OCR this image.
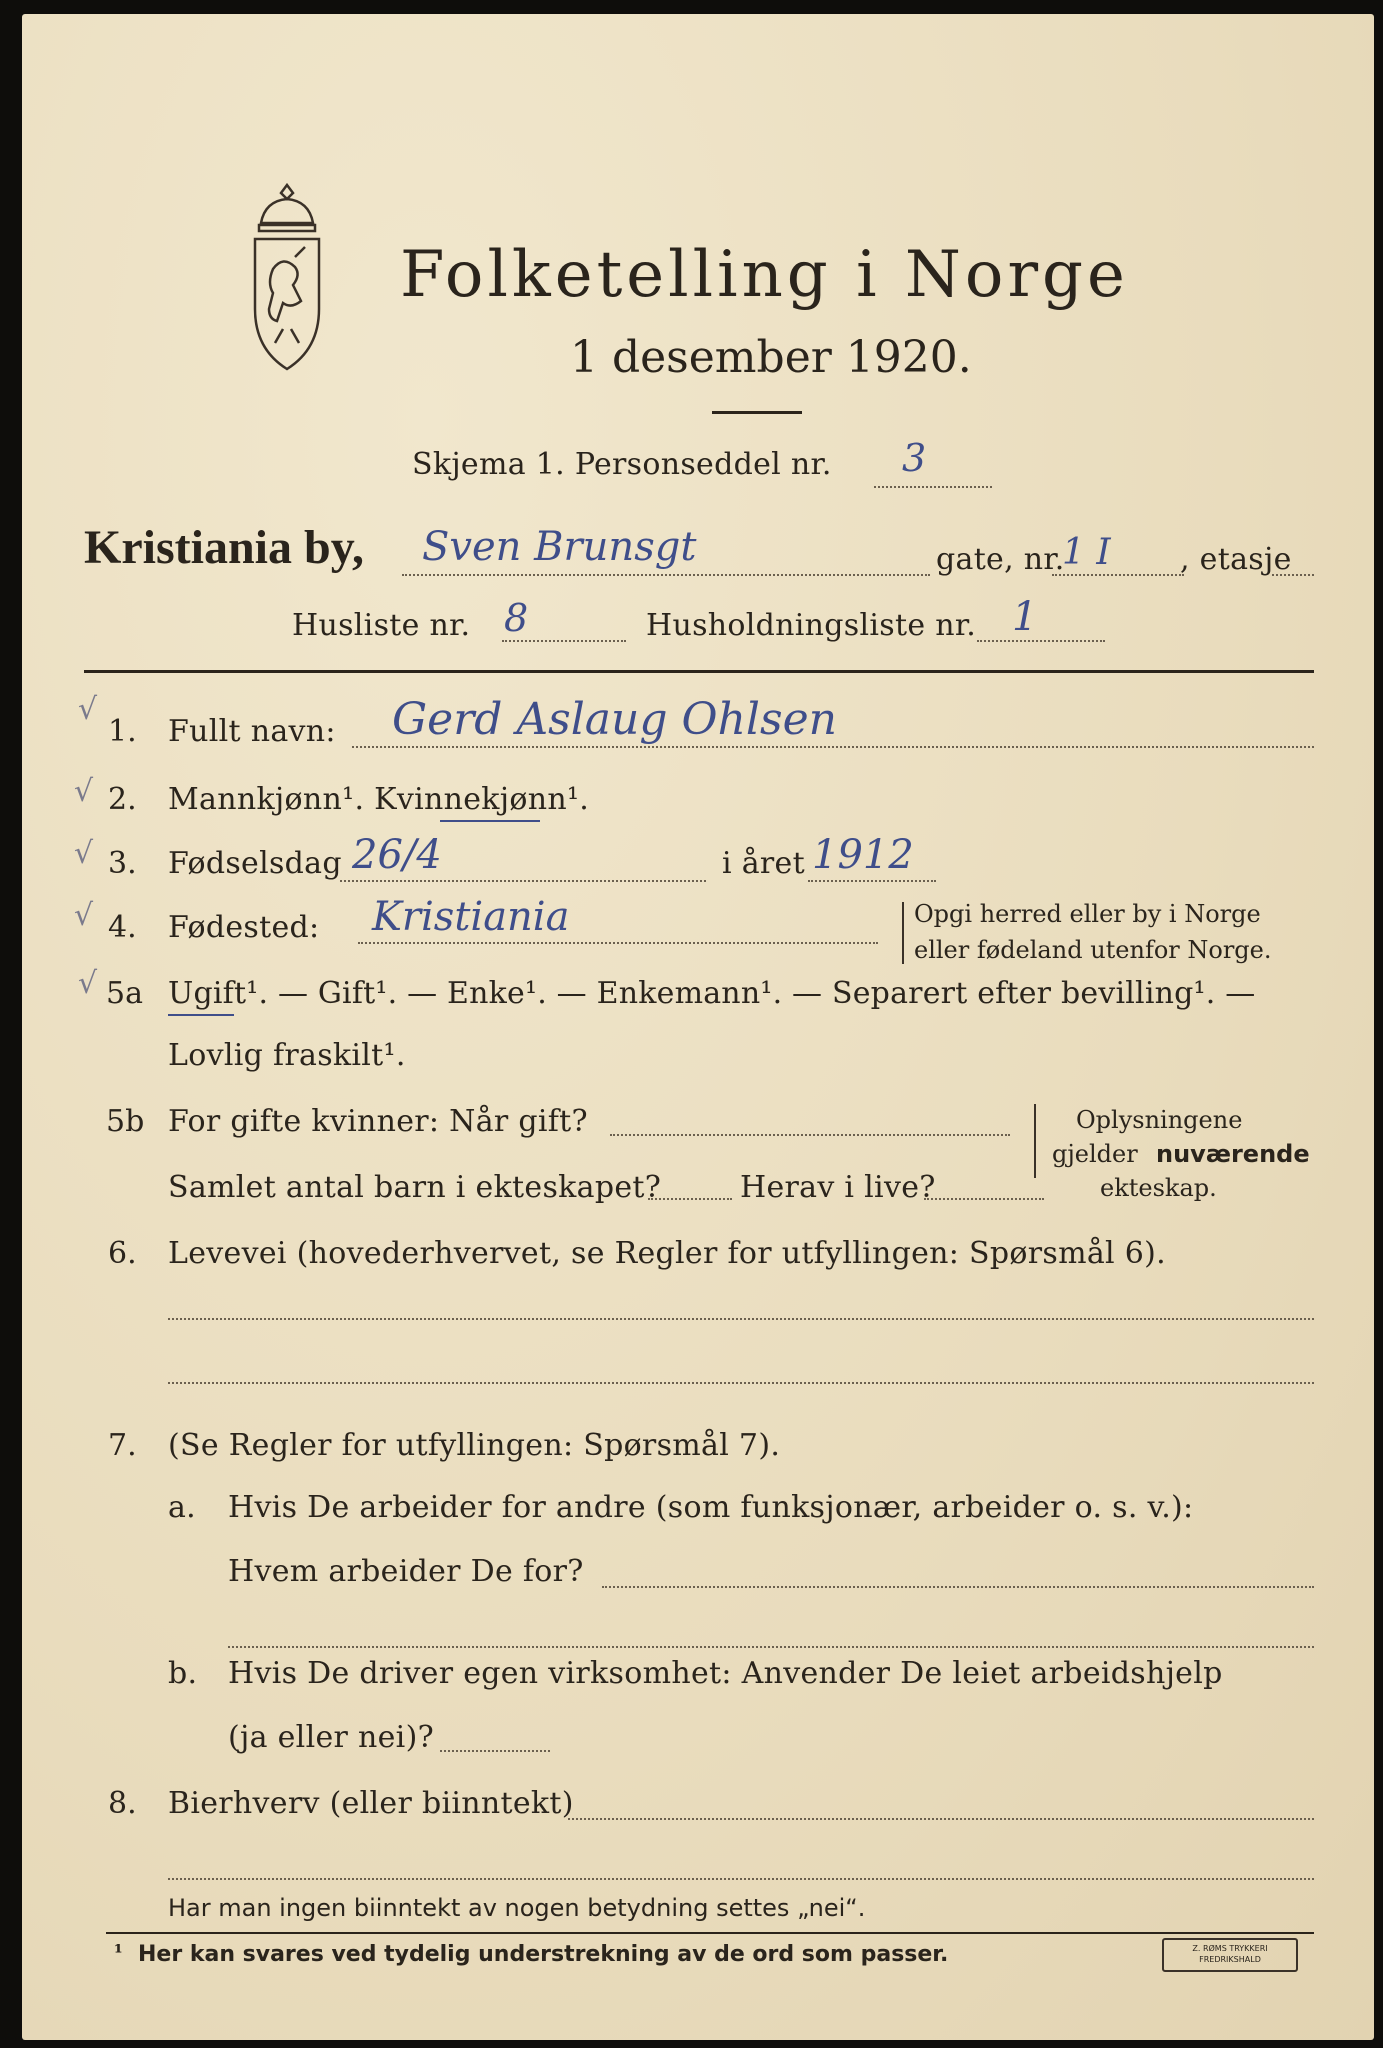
Folketelling i Norge
1 desember 1920.
Skjema 1. Personseddel nr. 3
Kristiania by, Sven Brunsgt	gate, nr.
1 I , etasje
Husliste nr. 8	Husholdningsliste nr. 1
√
√
√
√
√
1. Fullt navn: Gerd Aslaug Ohlsen
2. Mannkjønn¹. Kvinnekjønn¹.
3. Fødselsdag 26/4	i året 1912
4. Fødested: Kristiania	Opgi herred eller by i Norge
eller fødeland utenfor Norge.
5a Ugift¹. — Gift¹. — Enke¹. — Enkemann¹. — Separert efter bevilling¹. —
Lovlig fraskilt¹.
5b For gifte kvinner: Når gift?
Samlet antal barn i ekteskapet?	Herav i live?
Oplysningene
gjelder nuværende
ekteskap.
6. Levevei (hovederhvervet, se Regler for utfyllingen: Spørsmål 6).
7. (Se Regler for utfyllingen: Spørsmål 7).
a. Hvis De arbeider for andre (som funksjonær, arbeider o. s. v.):
Hvem arbeider De for?
b. Hvis De driver egen virksomhet: Anvender De leiet arbeidshjelp
(ja eller nei)?
8. Bierhverv (eller biinntekt)
Har man ingen biinntekt av nogen betydning settes „nei“.
¹ Her kan svares ved tydelig understrekning av de ord som passer.	Z. RØMS TRYKKERI FREDRIKSHALD
